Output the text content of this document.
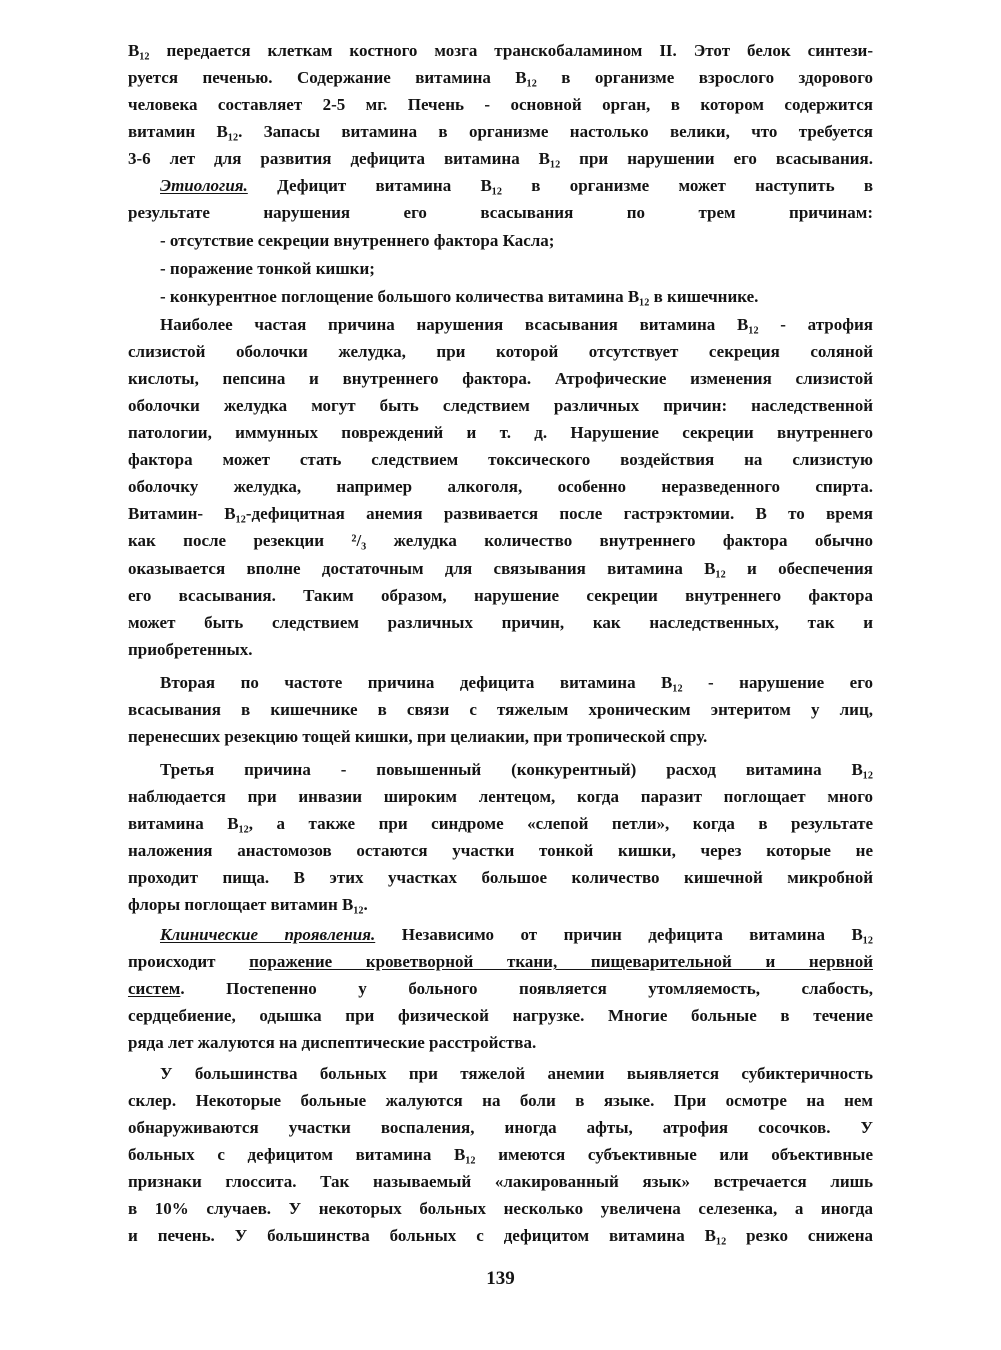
B₁₂ передается клеткам костного мозга транскобаламином II. Этот белок синтези-
руется печенью. Содержание витамина B₁₂ в организме взрослого здорового
человека составляет 2-5 мг. Печень - основной орган, в котором содержится
витамин B₁₂. Запасы витамина в организме настолько велики, что требуется
3-6 лет для развития дефицита витамина B₁₂ при нарушении его всасывания.
Этиология. Дефицит витамина B₁₂ в организме может наступить в
результате нарушения его всасывания по трем причинам:
- отсутствие секреции внутреннего фактора Касла;
- поражение тонкой кишки;
- конкурентное поглощение большого количества витамина B₁₂ в кишечнике.
Наиболее частая причина нарушения всасывания витамина B₁₂ - атрофия
слизистой оболочки желудка, при которой отсутствует секреция соляной
кислоты, пепсина и внутреннего фактора. Атрофические изменения слизистой
оболочки желудка могут быть следствием различных причин: наследственной
патологии, иммунных повреждений и т. д. Нарушение секреции внутреннего
фактора может стать следствием токсического воздействия на слизистую
оболочку желудка, например алкоголя, особенно неразведенного спирта.
Витамин- B₁₂-дефицитная анемия развивается после гастрэктомии. В то время
как после резекции ²/₃ желудка количество внутреннего фактора обычно
оказывается вполне достаточным для связывания витамина B₁₂ и обеспечения
его всасывания. Таким образом, нарушение секреции внутреннего фактора
может быть следствием различных причин, как наследственных, так и
приобретенных.
Вторая по частоте причина дефицита витамина B₁₂ - нарушение его
всасывания в кишечнике в связи с тяжелым хроническим энтеритом у лиц,
перенесших резекцию тощей кишки, при целиакии, при тропической спру.
Третья причина - повышенный (конкурентный) расход витамина B₁₂
наблюдается при инвазии широким лентецом, когда паразит поглощает много
витамина B₁₂, а также при синдроме «слепой петли», когда в результате
наложения анастомозов остаются участки тонкой кишки, через которые не
проходит пища. В этих участках большое количество кишечной микробной
флоры поглощает витамин B₁₂.
Клинические проявления. Независимо от причин дефицита витамина B₁₂
происходит поражение кроветворной ткани, пищеварительной и нервной
систем. Постепенно у больного появляется утомляемость, слабость,
сердцебиение, одышка при физической нагрузке. Многие больные в течение
ряда лет жалуются на диспептические расстройства.
У большинства больных при тяжелой анемии выявляется субиктеричность
склер. Некоторые больные жалуются на боли в языке. При осмотре на нем
обнаруживаются участки воспаления, иногда афты, атрофия сосочков. У
больных с дефицитом витамина B₁₂ имеются субъективные или объективные
признаки глоссита. Так называемый «лакированный язык» встречается лишь
в 10% случаев. У некоторых больных несколько увеличена селезенка, а иногда
и печень. У большинства больных с дефицитом витамина B₁₂ резко снижена
139
